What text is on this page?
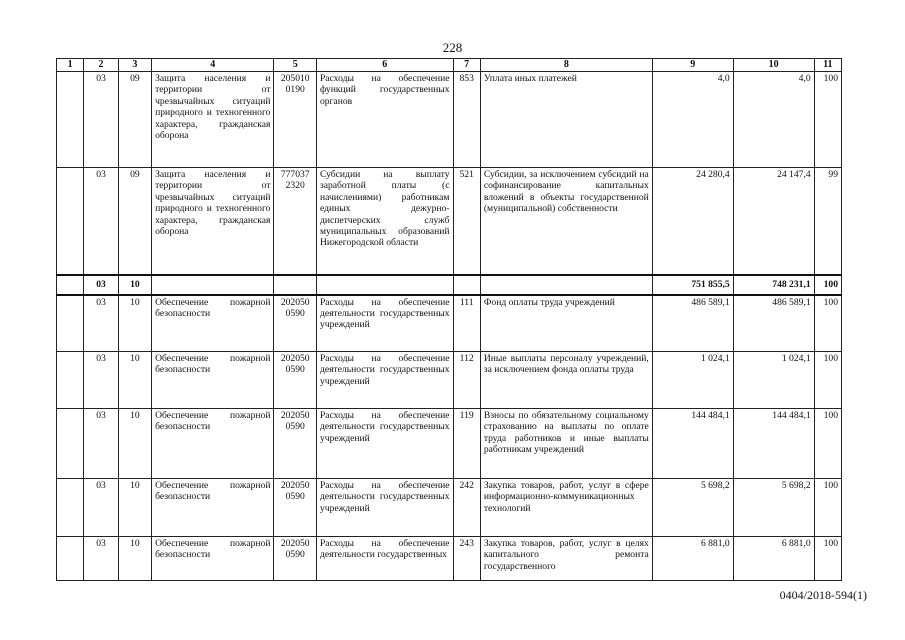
228
1	2	3	4	5	6	7	8	9	10	11
	03	09	Защита населения и территории от чрезвычайных ситуаций природного и техногенного характера, гражданская оборона	205010 0190	Расходы на обеспечение функций государственных органов	853	Уплата иных платежей	4,0	4,0	100
	03	09	Защита населения и территории от чрезвычайных ситуаций природного и техногенного характера, гражданская оборона	777037 2320	Субсидии на выплату заработной платы (с начислениями) работникам единых дежурно-диспетчерских служб муниципальных образований Нижегородской области	521	Субсидии, за исключением субсидий на софинансирование капитальных вложений в объекты государственной (муниципальной) собственности	24 280,4	24 147,4	99
	03	10						751 855,5	748 231,1	100
	03	10	Обеспечение пожарной безопасности	202050 0590	Расходы на обеспечение деятельности государственных учреждений	111	Фонд оплаты труда учреждений	486 589,1	486 589,1	100
	03	10	Обеспечение пожарной безопасности	202050 0590	Расходы на обеспечение деятельности государственных учреждений	112	Иные выплаты персоналу учреждений, за исключением фонда оплаты труда	1 024,1	1 024,1	100
	03	10	Обеспечение пожарной безопасности	202050 0590	Расходы на обеспечение деятельности государственных учреждений	119	Взносы по обязательному социальному страхованию на выплаты по оплате труда работников и иные выплаты работникам учреждений	144 484,1	144 484,1	100
	03	10	Обеспечение пожарной безопасности	202050 0590	Расходы на обеспечение деятельности государственных учреждений	242	Закупка товаров, работ, услуг в сфере информационно-коммуникационных технологий	5 698,2	5 698,2	100
	03	10	Обеспечение пожарной безопасности	202050 0590	Расходы на обеспечение деятельности государственных	243	Закупка товаров, работ, услуг в целях капитального ремонта государственного	6 881,0	6 881,0	100
0404/2018-594(1)
